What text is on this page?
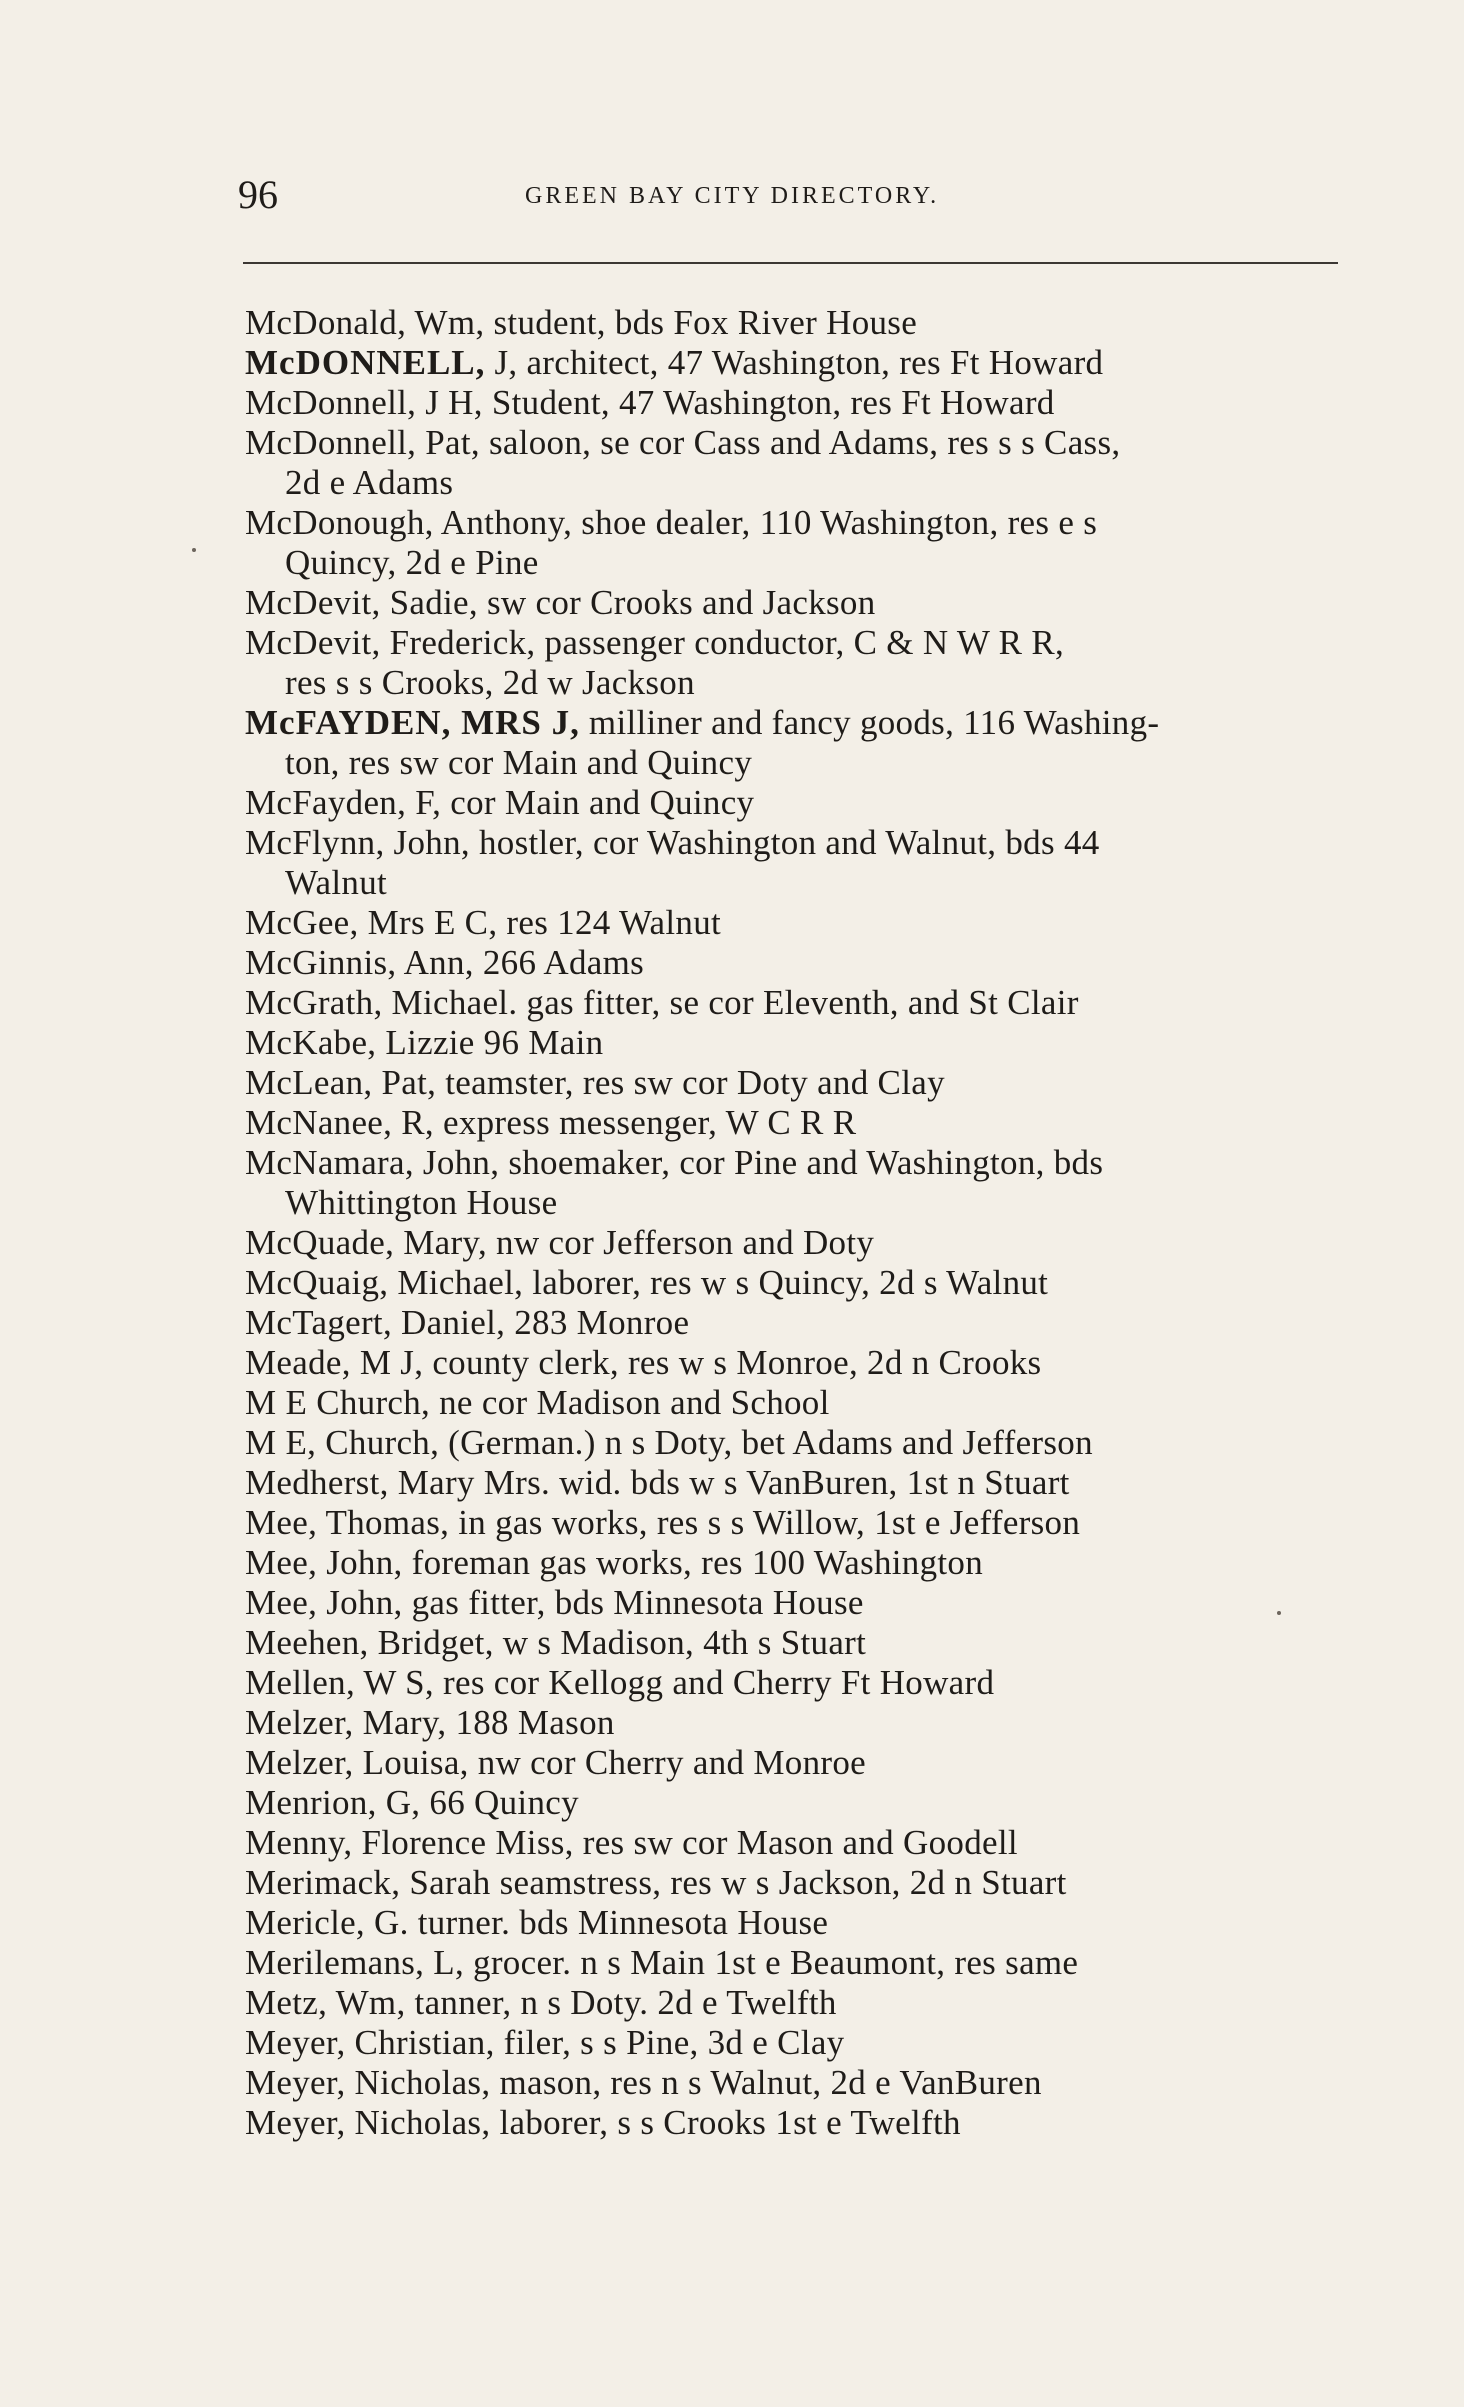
96	GREEN BAY CITY DIRECTORY.
McDonald, Wm, student, bds Fox River House
McDONNELL, J, architect, 47 Washington, res Ft Howard
McDonnell, J H, Student, 47 Washington, res Ft Howard
McDonnell, Pat, saloon, se cor Cass and Adams, res s s Cass,
2d e Adams
McDonough, Anthony, shoe dealer, 110 Washington, res e s
Quincy, 2d e Pine
McDevit, Sadie, sw cor Crooks and Jackson
McDevit, Frederick, passenger conductor, C & N W R R,
res s s Crooks, 2d w Jackson
McFAYDEN, MRS J, milliner and fancy goods, 116 Washing-
ton, res sw cor Main and Quincy
McFayden, F, cor Main and Quincy
McFlynn, John, hostler, cor Washington and Walnut, bds 44
Walnut
McGee, Mrs E C, res 124 Walnut
McGinnis, Ann, 266 Adams
McGrath, Michael. gas fitter, se cor Eleventh, and St Clair
McKabe, Lizzie 96 Main
McLean, Pat, teamster, res sw cor Doty and Clay
McNanee, R, express messenger, W C R R
McNamara, John, shoemaker, cor Pine and Washington, bds
Whittington House
McQuade, Mary, nw cor Jefferson and Doty
McQuaig, Michael, laborer, res w s Quincy, 2d s Walnut
McTagert, Daniel, 283 Monroe
Meade, M J, county clerk, res w s Monroe, 2d n Crooks
M E Church, ne cor Madison and School
M E, Church, (German.) n s Doty, bet Adams and Jefferson
Medherst, Mary Mrs. wid. bds w s VanBuren, 1st n Stuart
Mee, Thomas, in gas works, res s s Willow, 1st e Jefferson
Mee, John, foreman gas works, res 100 Washington
Mee, John, gas fitter, bds Minnesota House
Meehen, Bridget, w s Madison, 4th s Stuart
Mellen, W S, res cor Kellogg and Cherry Ft Howard
Melzer, Mary, 188 Mason
Melzer, Louisa, nw cor Cherry and Monroe
Menrion, G, 66 Quincy
Menny, Florence Miss, res sw cor Mason and Goodell
Merimack, Sarah seamstress, res w s Jackson, 2d n Stuart
Mericle, G. turner. bds Minnesota House
Merilemans, L, grocer. n s Main 1st e Beaumont, res same
Metz, Wm, tanner, n s Doty. 2d e Twelfth
Meyer, Christian, filer, s s Pine, 3d e Clay
Meyer, Nicholas, mason, res n s Walnut, 2d e VanBuren
Meyer, Nicholas, laborer, s s Crooks 1st e Twelfth
